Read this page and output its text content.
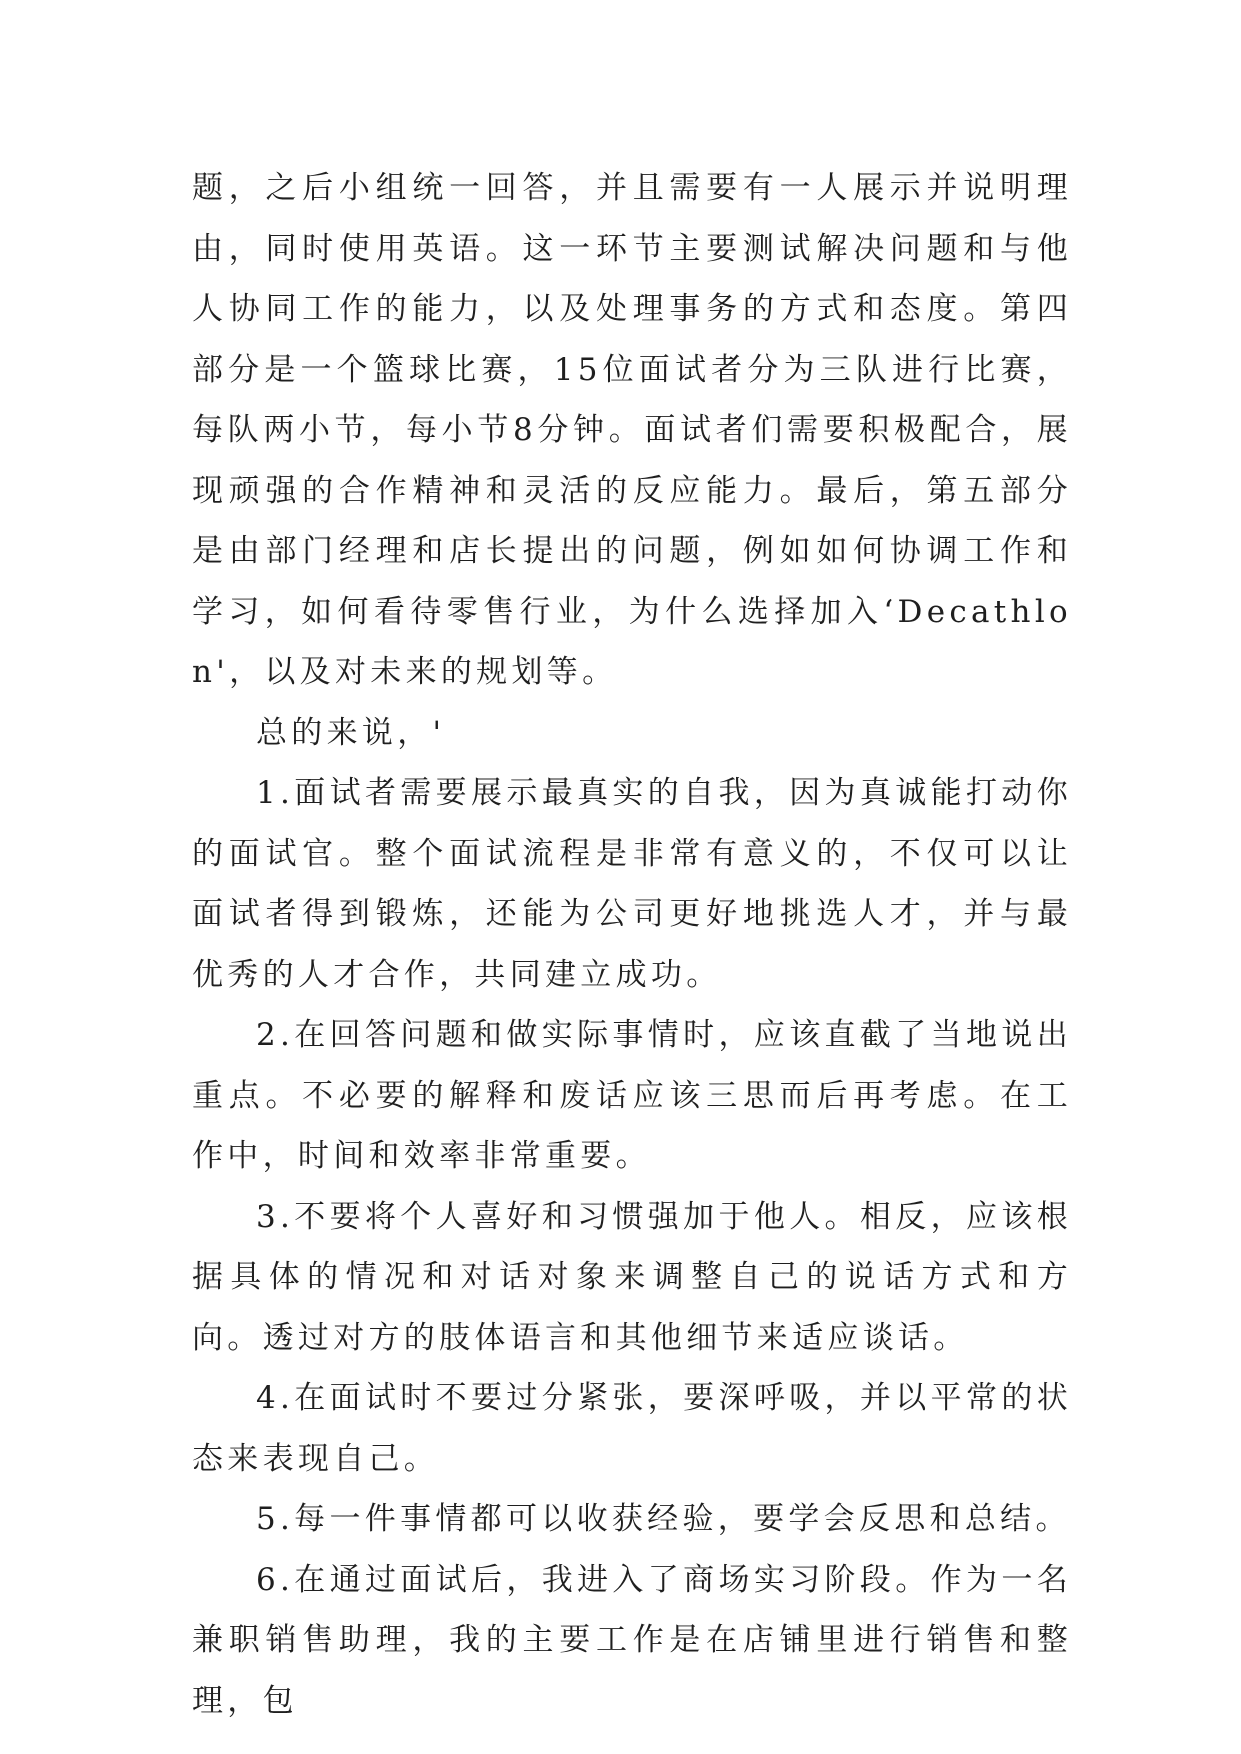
题，之后小组统一回答，并且需要有一人展示并说明理由，同时使用英语。这一环节主要测试解决问题和与他人协同工作的能力，以及处理事务的方式和态度。第四部分是一个篮球比赛，15位面试者分为三队进行比赛，每队两小节，每小节8分钟。面试者们需要积极配合，展现顽强的合作精神和灵活的反应能力。最后，第五部分是由部门经理和店长提出的问题，例如如何协调工作和学习，如何看待零售行业，为什么选择加入‘Decathlon'，以及对未来的规划等。

总的来说，'

1.面试者需要展示最真实的自我，因为真诚能打动你的面试官。整个面试流程是非常有意义的，不仅可以让面试者得到锻炼，还能为公司更好地挑选人才，并与最优秀的人才合作，共同建立成功。

2.在回答问题和做实际事情时，应该直截了当地说出重点。不必要的解释和废话应该三思而后再考虑。在工作中，时间和效率非常重要。

3.不要将个人喜好和习惯强加于他人。相反，应该根据具体的情况和对话对象来调整自己的说话方式和方向。透过对方的肢体语言和其他细节来适应谈话。

4.在面试时不要过分紧张，要深呼吸，并以平常的状态来表现自己。

5.每一件事情都可以收获经验，要学会反思和总结。

6.在通过面试后，我进入了商场实习阶段。作为一名兼职销售助理，我的主要工作是在店铺里进行销售和整理，包
